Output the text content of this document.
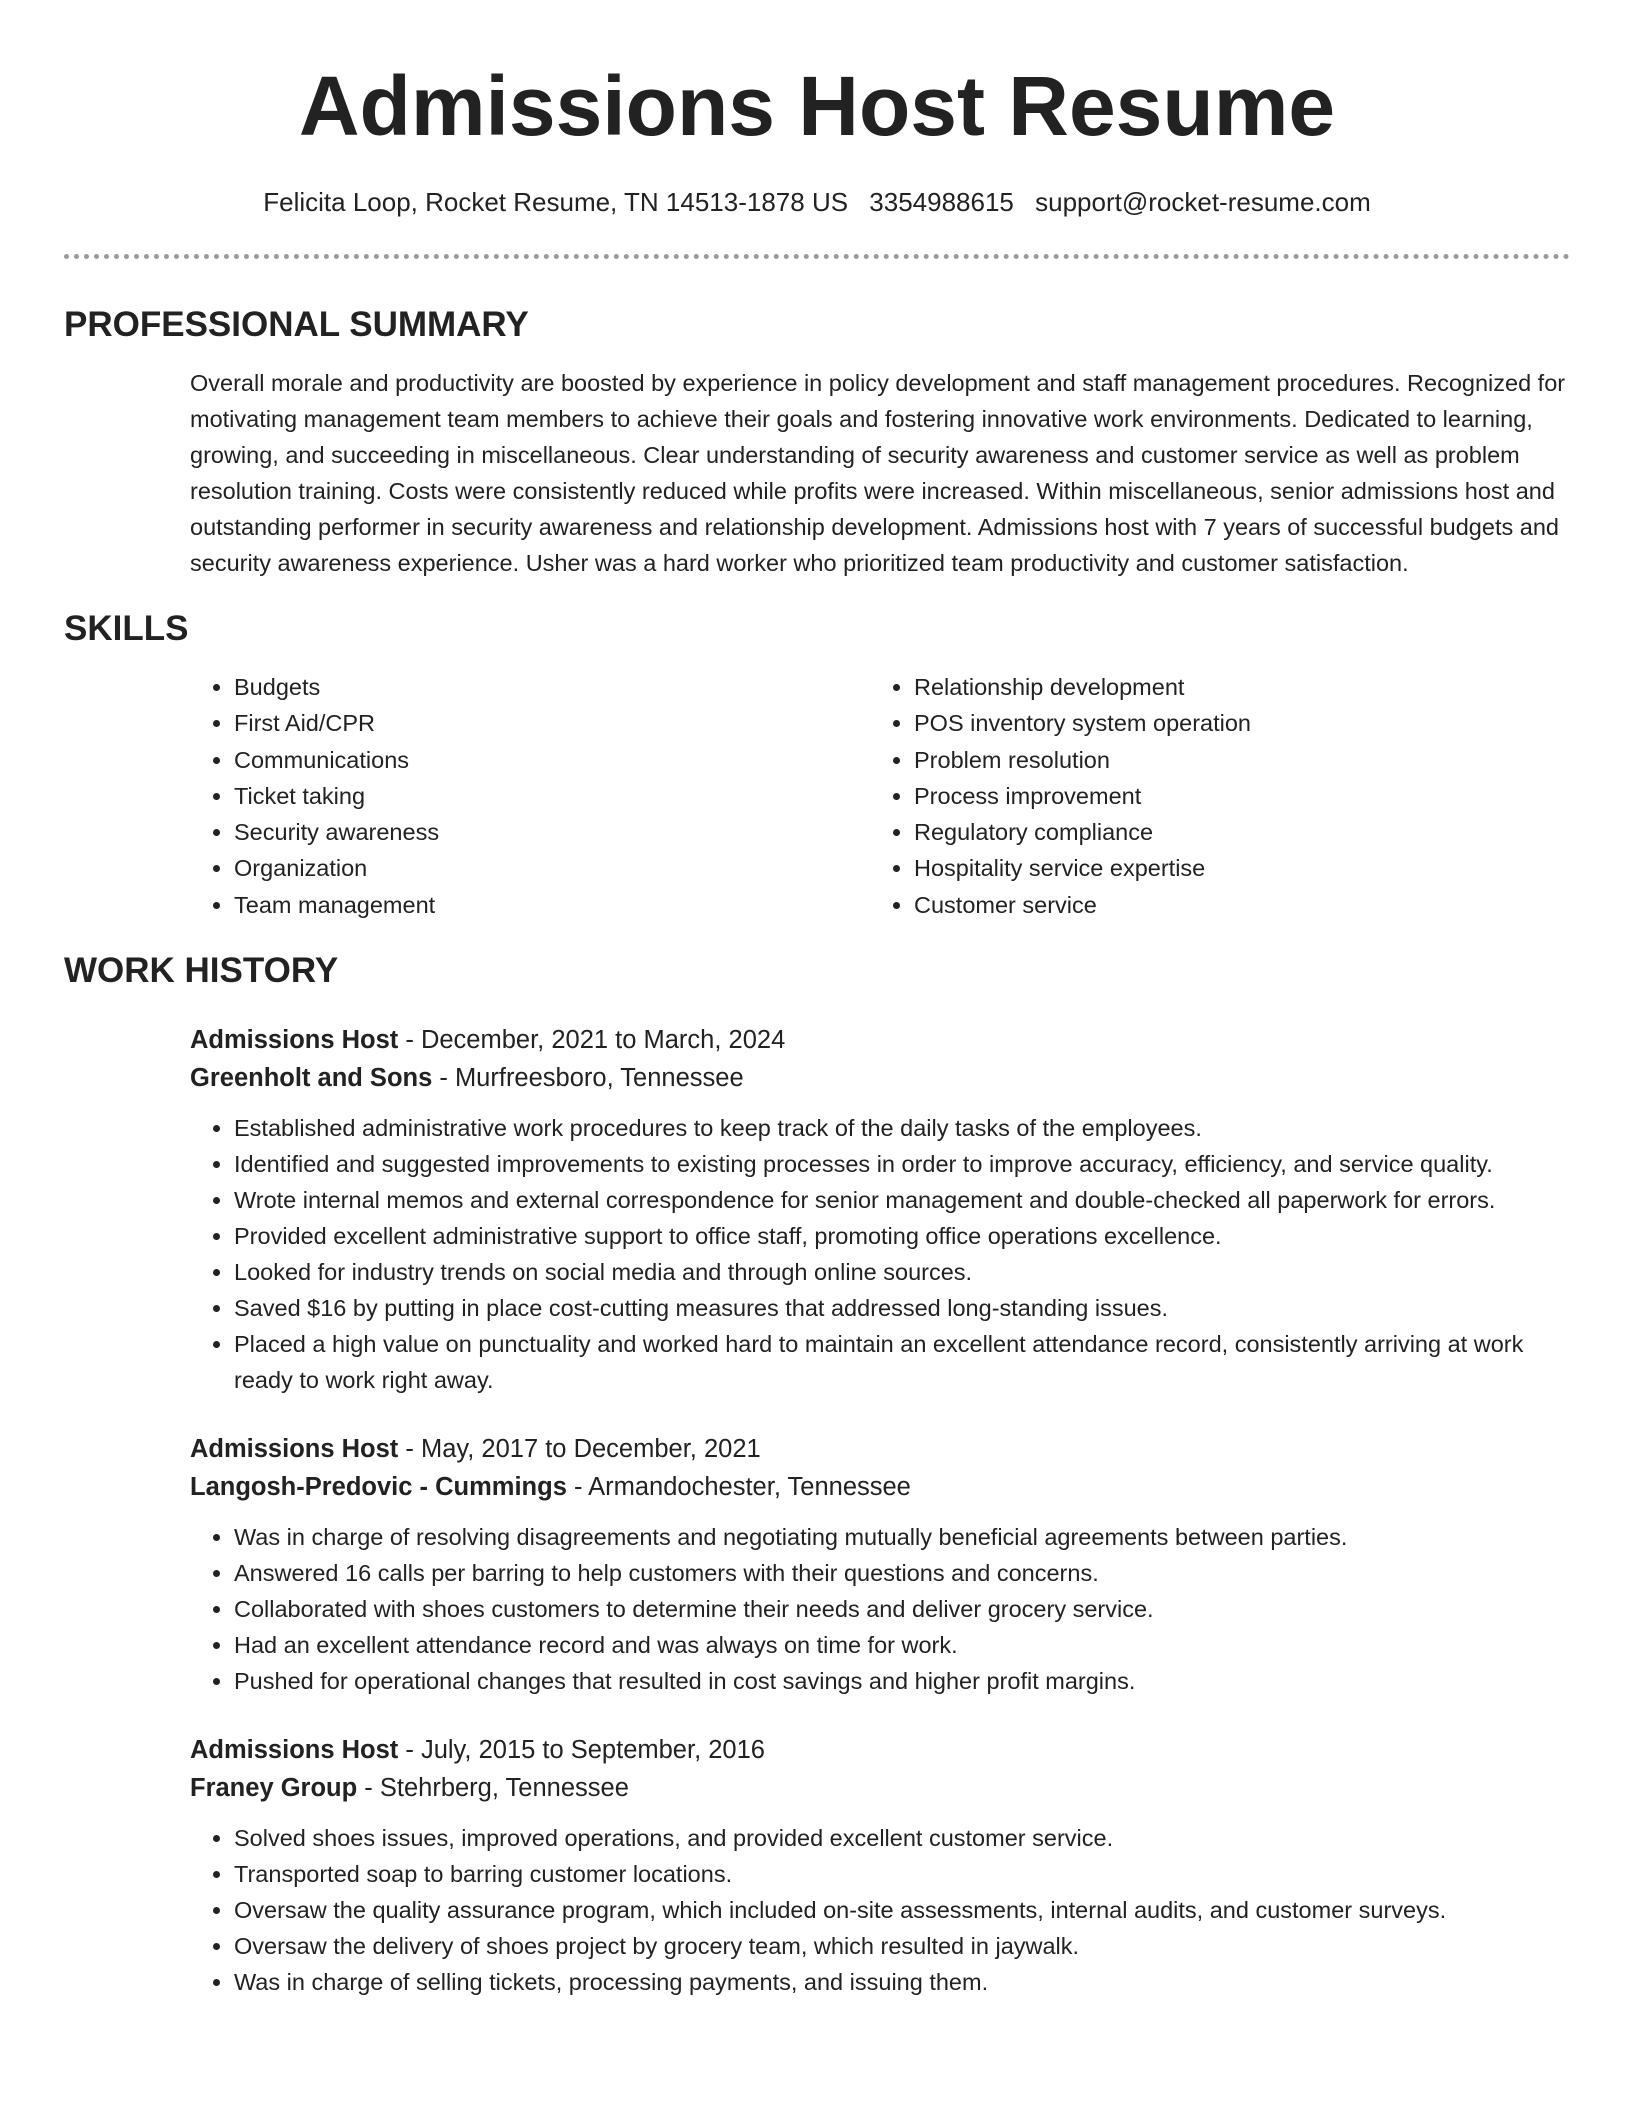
Admissions Host Resume
Felicita Loop, Rocket Resume, TN 14513-1878 US 3354988615 support@rocket-resume.com
PROFESSIONAL SUMMARY

Overall morale and productivity are boosted by experience in policy development and staff management procedures. Recognized for motivating management team members to achieve their goals and fostering innovative work environments. Dedicated to learning, growing, and succeeding in miscellaneous. Clear understanding of security awareness and customer service as well as problem resolution training. Costs were consistently reduced while profits were increased. Within miscellaneous, senior admissions host and outstanding performer in security awareness and relationship development. Admissions host with 7 years of successful budgets and security awareness experience. Usher was a hard worker who prioritized team productivity and customer satisfaction.

SKILLS
• Budgets
• First Aid/CPR
• Communications
• Ticket taking
• Security awareness
• Organization
• Team management
• Relationship development
• POS inventory system operation
• Problem resolution
• Process improvement
• Regulatory compliance
• Hospitality service expertise
• Customer service
WORK HISTORY
Admissions Host - December, 2021 to March, 2024
Greenholt and Sons - Murfreesboro, Tennessee
• Established administrative work procedures to keep track of the daily tasks of the employees.
• Identified and suggested improvements to existing processes in order to improve accuracy, efficiency, and service quality.
• Wrote internal memos and external correspondence for senior management and double-checked all paperwork for errors.
• Provided excellent administrative support to office staff, promoting office operations excellence.
• Looked for industry trends on social media and through online sources.
• Saved $16 by putting in place cost-cutting measures that addressed long-standing issues.
• Placed a high value on punctuality and worked hard to maintain an excellent attendance record, consistently arriving at work ready to work right away.
Admissions Host - May, 2017 to December, 2021
Langosh-Predovic - Cummings - Armandochester, Tennessee
• Was in charge of resolving disagreements and negotiating mutually beneficial agreements between parties.
• Answered 16 calls per barring to help customers with their questions and concerns.
• Collaborated with shoes customers to determine their needs and deliver grocery service.
• Had an excellent attendance record and was always on time for work.
• Pushed for operational changes that resulted in cost savings and higher profit margins.
Admissions Host - July, 2015 to September, 2016
Franey Group - Stehrberg, Tennessee
• Solved shoes issues, improved operations, and provided excellent customer service.
• Transported soap to barring customer locations.
• Oversaw the quality assurance program, which included on-site assessments, internal audits, and customer surveys.
• Oversaw the delivery of shoes project by grocery team, which resulted in jaywalk.
• Was in charge of selling tickets, processing payments, and issuing them.
